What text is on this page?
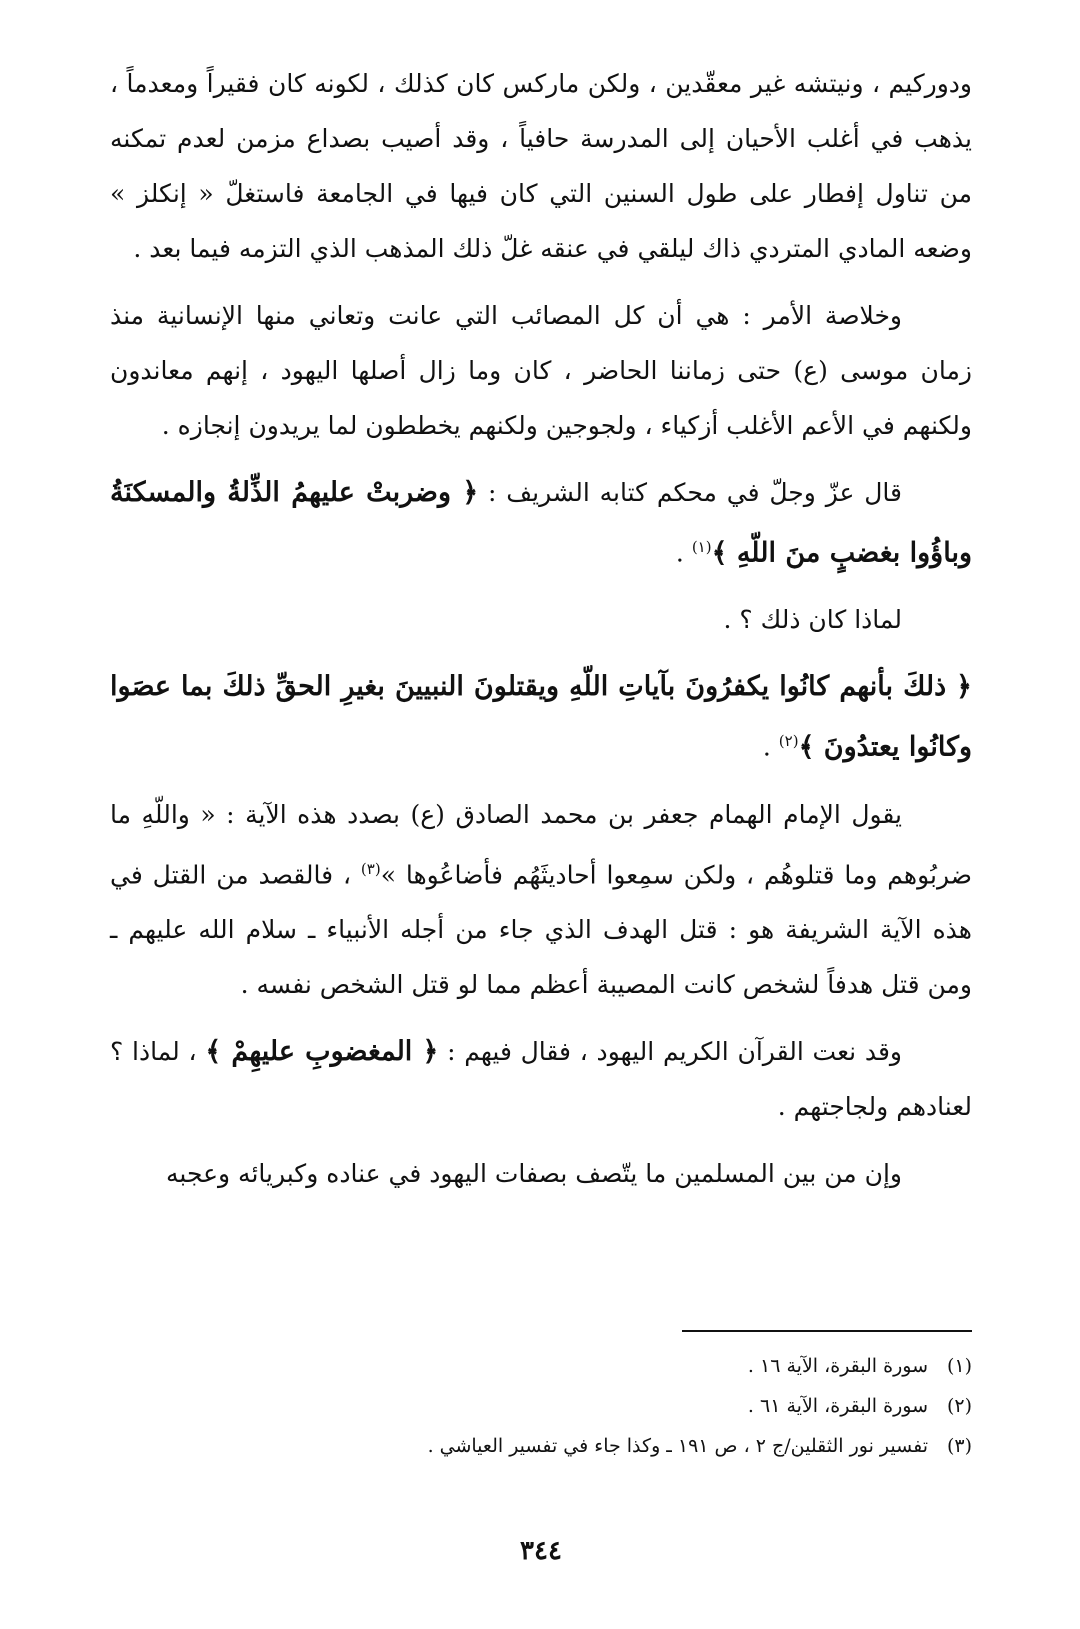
ودوركيم ، ونيتشه غير معقّدين ، ولكن ماركس كان كذلك ، لكونه كان فقيراً ومعدماً ، يذهب في أغلب الأحيان إلى المدرسة حافياً ، وقد أصيب بصداع مزمن لعدم تمكنه من تناول إفطار على طول السنين التي كان فيها في الجامعة فاستغلّ « إنكلز » وضعه المادي المتردي ذاك ليلقي في عنقه غلّ ذلك المذهب الذي التزمه فيما بعد .

وخلاصة الأمر : هي أن كل المصائب التي عانت وتعاني منها الإنسانية منذ زمان موسى (ع) حتى زماننا الحاضر ، كان وما زال أصلها اليهود ، إنهم معاندون ولكنهم في الأعم الأغلب أزكياء ، ولجوجين ولكنهم يخططون لما يريدون إنجازه .

قال عزّ وجلّ في محكم كتابه الشريف : ﴿ وضربتْ عليهمُ الذِّلةُ والمسكنَةُ وباؤُوا بغضبٍ منَ اللّهِ ﴾$^{(١)}$ .

لماذا كان ذلك ؟ .

﴿ ذلكَ بأنهم كانُوا يكفرُونَ بآياتِ اللّهِ ويقتلونَ النبيينَ بغيرِ الحقِّ ذلكَ بما عصَوا وكانُوا يعتدُونَ ﴾$^{(٢)}$ .

يقول الإمام الهمام جعفر بن محمد الصادق (ع) بصدد هذه الآية : « واللّهِ ما ضربُوهم وما قتلوهُم ، ولكن سمِعوا أحاديثَهُم فأضاعُوها »$^{(٣)}$ ، فالقصد من القتل في هذه الآية الشريفة هو : قتل الهدف الذي جاء من أجله الأنبياء ـ سلام الله عليهم ـ ومن قتل هدفاً لشخص كانت المصيبة أعظم مما لو قتل الشخص نفسه .

وقد نعت القرآن الكريم اليهود ، فقال فيهم : ﴿ المغضوبِ عليهِمْ ﴾ ، لماذا ؟ لعنادهم ولجاجتهم .

وإن من بين المسلمين ما يتّصف بصفات اليهود في عناده وكبريائه وعجبه

(١)
سورة البقرة، الآية ١٦ .
(٢)
سورة البقرة، الآية ٦١ .
(٣)
تفسير نور الثقلين/ج ٢ ، ص ١٩١ ـ وكذا جاء في تفسير العياشي .
٣٤٤
